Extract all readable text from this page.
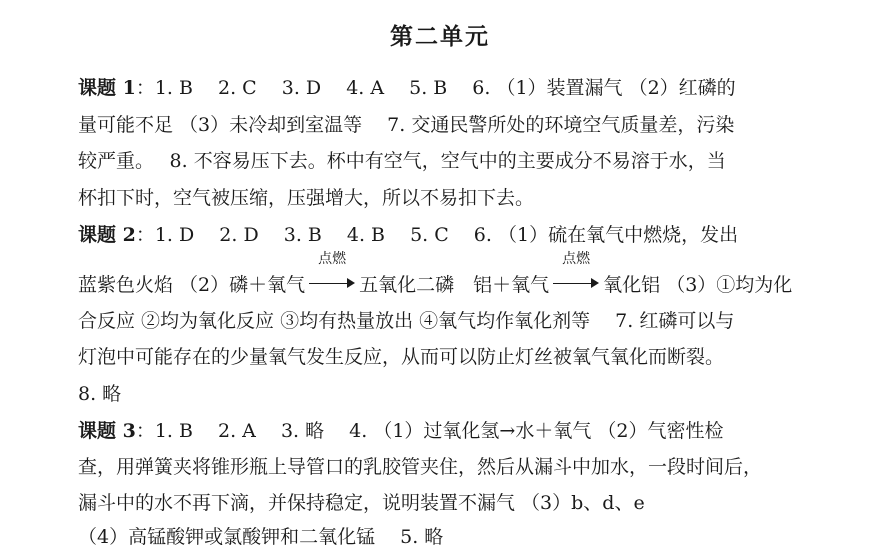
第二单元
课题 1：1. B　 2. C　 3. D　 4. A　 5. B　 6. （1）装置漏气 （2）红磷的
量可能不足 （3）未冷却到室温等　 7. 交通民警所处的环境空气质量差，污染
较严重。　 8. 不容易压下去。杯中有空气，空气中的主要成分不易溶于水，当
杯扣下时，空气被压缩，压强增大，所以不易扣下去。
课题 2：1. D　 2. D　 3. B　 4. B　 5. C　 6. （1）硫在氧气中燃烧，发出
蓝紫色火焰 （2）磷＋氧气
点燃
五氧化二磷　铝＋氧气
点燃
氧化铝 （3）①均为化
合反应 ②均为氧化反应 ③均有热量放出 ④氧气均作氧化剂等　 7. 红磷可以与
灯泡中可能存在的少量氧气发生反应，从而可以防止灯丝被氧气氧化而断裂。
8. 略
课题 3：1. B　 2. A　 3. 略　 4. （1）过氧化氢→水＋氧气 （2）气密性检
查，用弹簧夹将锥形瓶上导管口的乳胶管夹住，然后从漏斗中加水，一段时间后，
漏斗中的水不再下滴，并保持稳定，说明装置不漏气 （3）b、d、e
（4）高锰酸钾或氯酸钾和二氧化锰　 5. 略
